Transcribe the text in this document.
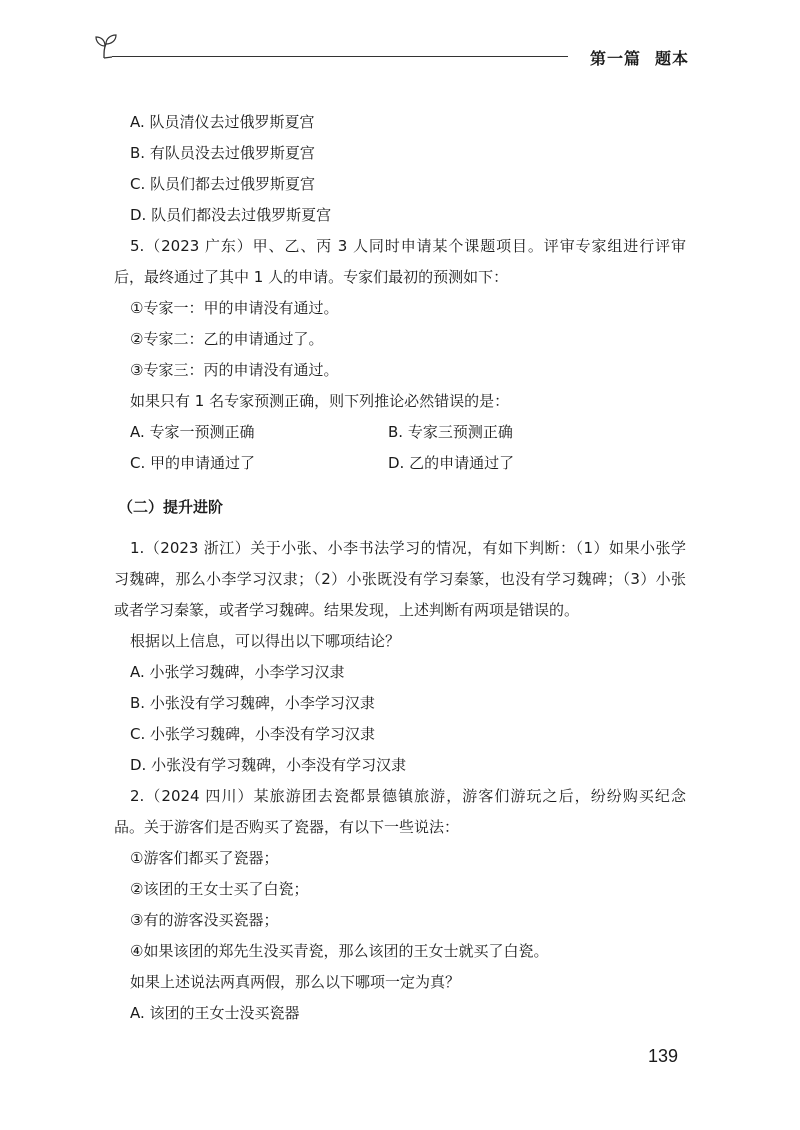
第一篇 题本
A. 队员清仪去过俄罗斯夏宫
B. 有队员没去过俄罗斯夏宫
C. 队员们都去过俄罗斯夏宫
D. 队员们都没去过俄罗斯夏宫
5.（2023 广东）甲、乙、丙 3 人同时申请某个课题项目。评审专家组进行评审
后，最终通过了其中 1 人的申请。专家们最初的预测如下：
①专家一：甲的申请没有通过。
②专家二：乙的申请通过了。
③专家三：丙的申请没有通过。
如果只有 1 名专家预测正确，则下列推论必然错误的是：
A. 专家一预测正确	B. 专家三预测正确
C. 甲的申请通过了	D. 乙的申请通过了
（二）提升进阶
1.（2023 浙江）关于小张、小李书法学习的情况，有如下判断：（1）如果小张学
习魏碑，那么小李学习汉隶；（2）小张既没有学习秦篆，也没有学习魏碑；（3）小张
或者学习秦篆，或者学习魏碑。结果发现，上述判断有两项是错误的。
根据以上信息，可以得出以下哪项结论？
A. 小张学习魏碑，小李学习汉隶
B. 小张没有学习魏碑，小李学习汉隶
C. 小张学习魏碑，小李没有学习汉隶
D. 小张没有学习魏碑，小李没有学习汉隶
2.（2024 四川）某旅游团去瓷都景德镇旅游，游客们游玩之后，纷纷购买纪念
品。关于游客们是否购买了瓷器，有以下一些说法：
①游客们都买了瓷器；
②该团的王女士买了白瓷；
③有的游客没买瓷器；
④如果该团的郑先生没买青瓷，那么该团的王女士就买了白瓷。
如果上述说法两真两假，那么以下哪项一定为真？
A. 该团的王女士没买瓷器
139
